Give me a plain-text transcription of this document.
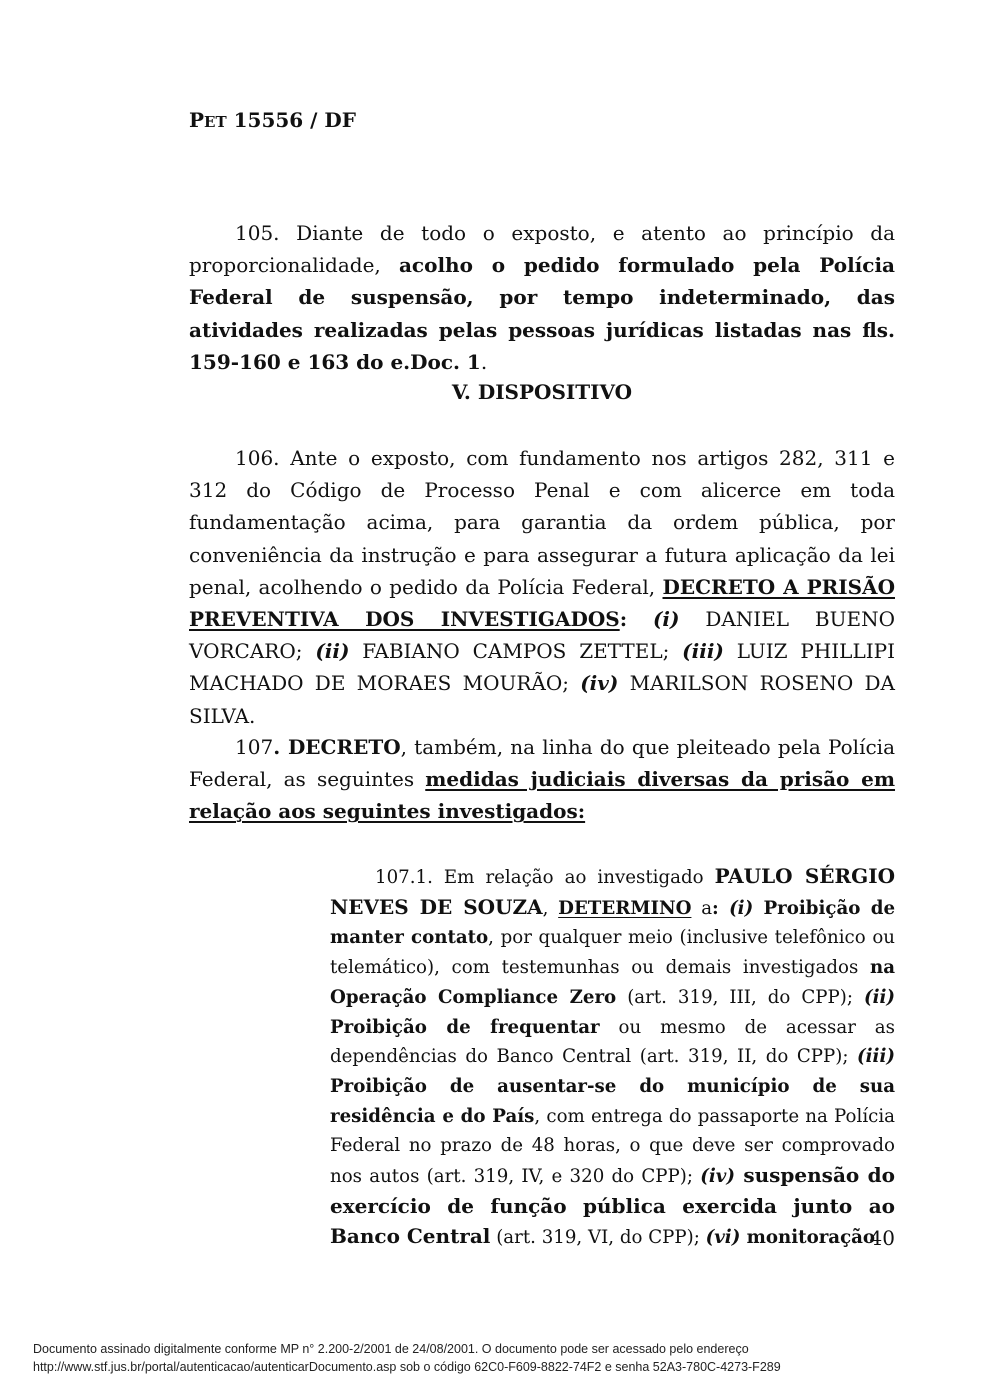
PET 15556 / DF
105. Diante de todo o exposto, e atento ao princípio da proporcionalidade, acolho o pedido formulado pela Polícia Federal de suspensão, por tempo indeterminado, das atividades realizadas pelas pessoas jurídicas listadas nas fls. 159-160 e 163 do e.Doc. 1.
V. DISPOSITIVO
106. Ante o exposto, com fundamento nos artigos 282, 311 e 312 do Código de Processo Penal e com alicerce em toda fundamentação acima, para garantia da ordem pública, por conveniência da instrução e para assegurar a futura aplicação da lei penal, acolhendo o pedido da Polícia Federal, DECRETO A PRISÃO PREVENTIVA DOS INVESTIGADOS: (i) DANIEL BUENO VORCARO; (ii) FABIANO CAMPOS ZETTEL; (iii) LUIZ PHILLIPI MACHADO DE MORAES MOURÃO; (iv) MARILSON ROSENO DA SILVA.
107. DECRETO, também, na linha do que pleiteado pela Polícia Federal, as seguintes medidas judiciais diversas da prisão em relação aos seguintes investigados:
107.1. Em relação ao investigado PAULO SÉRGIO NEVES DE SOUZA, DETERMINO a: (i) Proibição de manter contato, por qualquer meio (inclusive telefônico ou telemático), com testemunhas ou demais investigados na Operação Compliance Zero (art. 319, III, do CPP); (ii) Proibição de frequentar ou mesmo de acessar as dependências do Banco Central (art. 319, II, do CPP); (iii) Proibição de ausentar-se do município de sua residência e do País, com entrega do passaporte na Polícia Federal no prazo de 48 horas, o que deve ser comprovado nos autos (art. 319, IV, e 320 do CPP); (iv) suspensão do exercício de função pública exercida junto ao Banco Central (art. 319, VI, do CPP); (vi) monitoração
40
Documento assinado digitalmente conforme MP n° 2.200-2/2001 de 24/08/2001. O documento pode ser acessado pelo endereço
http://www.stf.jus.br/portal/autenticacao/autenticarDocumento.asp sob o código 62C0-F609-8822-74F2 e senha 52A3-780C-4273-F289
